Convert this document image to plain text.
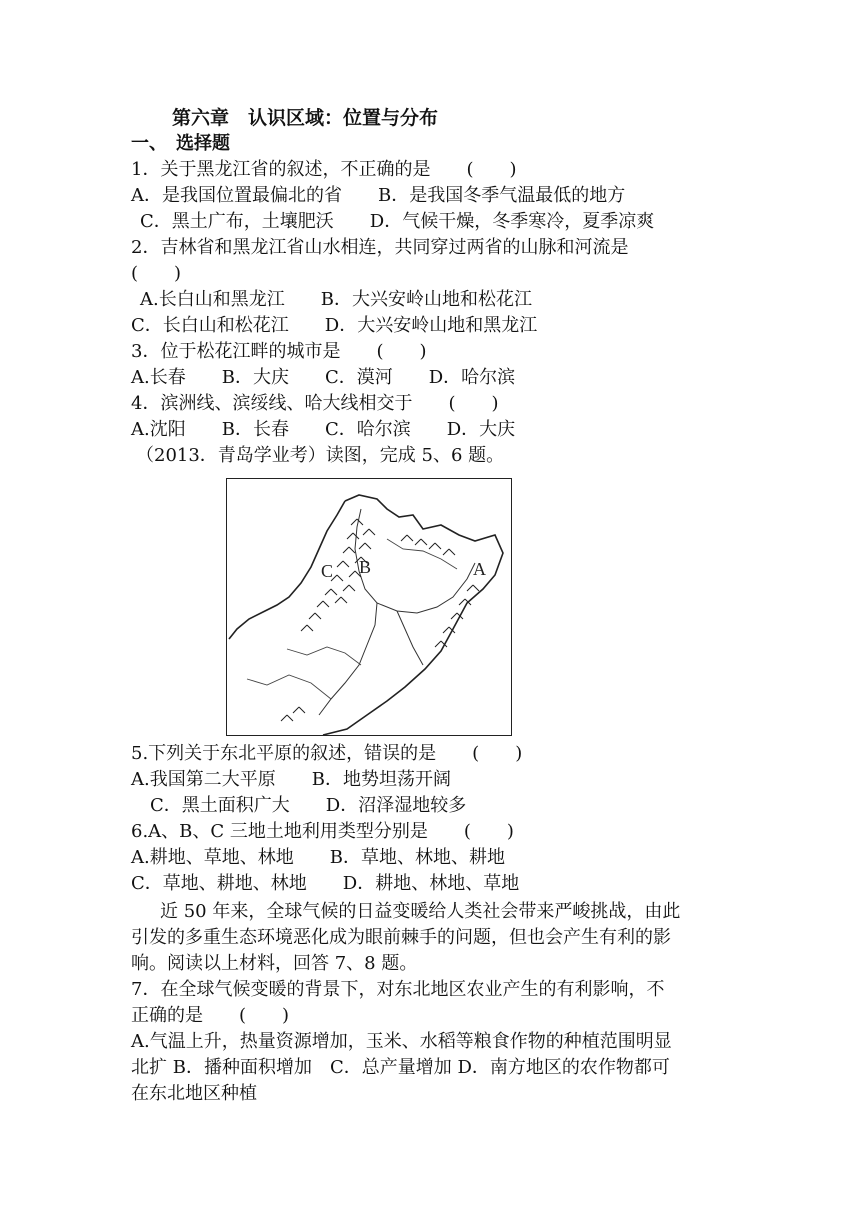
第六章　认识区域：位置与分布
一、　选择题
1．关于黑龙江省的叙述，不正确的是　　(　　)
A．是我国位置最偏北的省　　B．是我国冬季气温最低的地方
C．黑土广布，土壤肥沃　　D．气候干燥，冬季寒冷，夏季凉爽
2．吉林省和黑龙江省山水相连，共同穿过两省的山脉和河流是
(　　)
A.长白山和黑龙江　　B．大兴安岭山地和松花江
C．长白山和松花江　　D．大兴安岭山地和黑龙江
3．位于松花江畔的城市是　　(　　)
A.长春　　B．大庆　　C．漠河　　D．哈尔滨
4．滨洲线、滨绥线、哈大线相交于　　(　　)
A.沈阳　　B．长春　　C．哈尔滨　　D．大庆
（2013．青岛学业考）读图，完成 5、6 题。
C B	A
5.下列关于东北平原的叙述，错误的是　　(　　)
A.我国第二大平原　　B．地势坦荡开阔
C．黑土面积广大　　D．沼泽湿地较多
6.A、B、C 三地土地利用类型分别是　　(　　)
A.耕地、草地、林地　　B．草地、林地、耕地
C．草地、耕地、林地　　D．耕地、林地、草地
近 50 年来，全球气候的日益变暖给人类社会带来严峻挑战，由此
引发的多重生态环境恶化成为眼前棘手的问题，但也会产生有利的影
响。阅读以上材料，回答 7、8 题。
7．在全球气候变暖的背景下，对东北地区农业产生的有利影响，不
正确的是　　(　　)
A.气温上升，热量资源增加，玉米、水稻等粮食作物的种植范围明显
北扩 B．播种面积增加　C．总产量增加 D．南方地区的农作物都可
在东北地区种植
